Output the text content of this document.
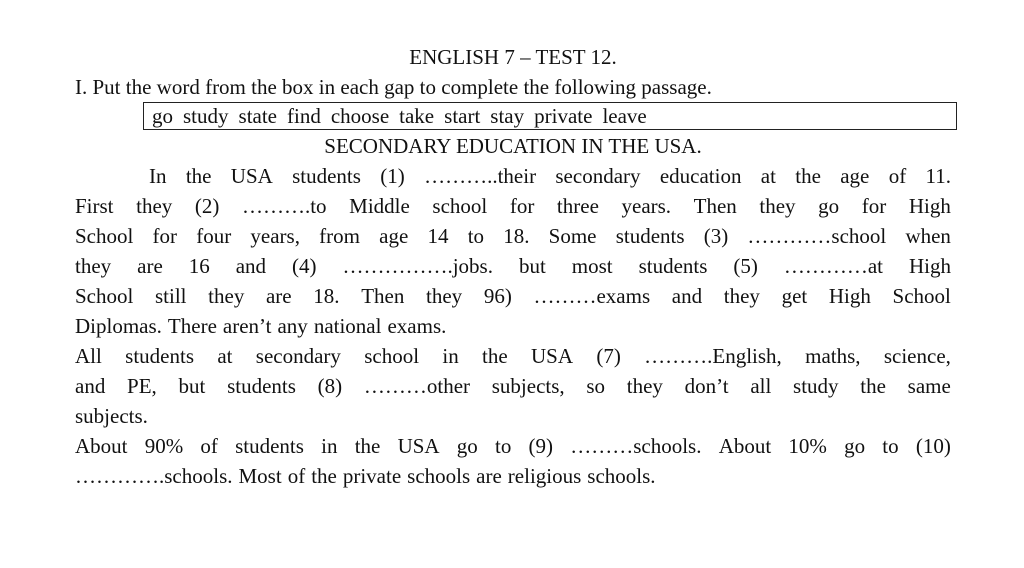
ENGLISH 7 – TEST 12.
I. Put the word from the box in each gap to complete the following passage.
go study state find choose take start stay private leave
SECONDARY EDUCATION IN THE USA.
In the USA students (1) ………..their secondary education at the age of 11.
First they (2) ……….to Middle school for three years. Then they go for High
School for four years, from age 14 to 18. Some students (3) …………school when
they are 16 and (4) …………….jobs. but most students (5) …………at High
School still they are 18. Then they 96) ………exams and they get High School
Diplomas. There aren’t any national exams.
All students at secondary school in the USA (7) ……….English, maths, science,
and PE, but students (8) ………other subjects, so they don’t all study the same
subjects.
About 90% of students in the USA go to (9) ………schools. About 10% go to (10)
………….schools. Most of the private schools are religious schools.
